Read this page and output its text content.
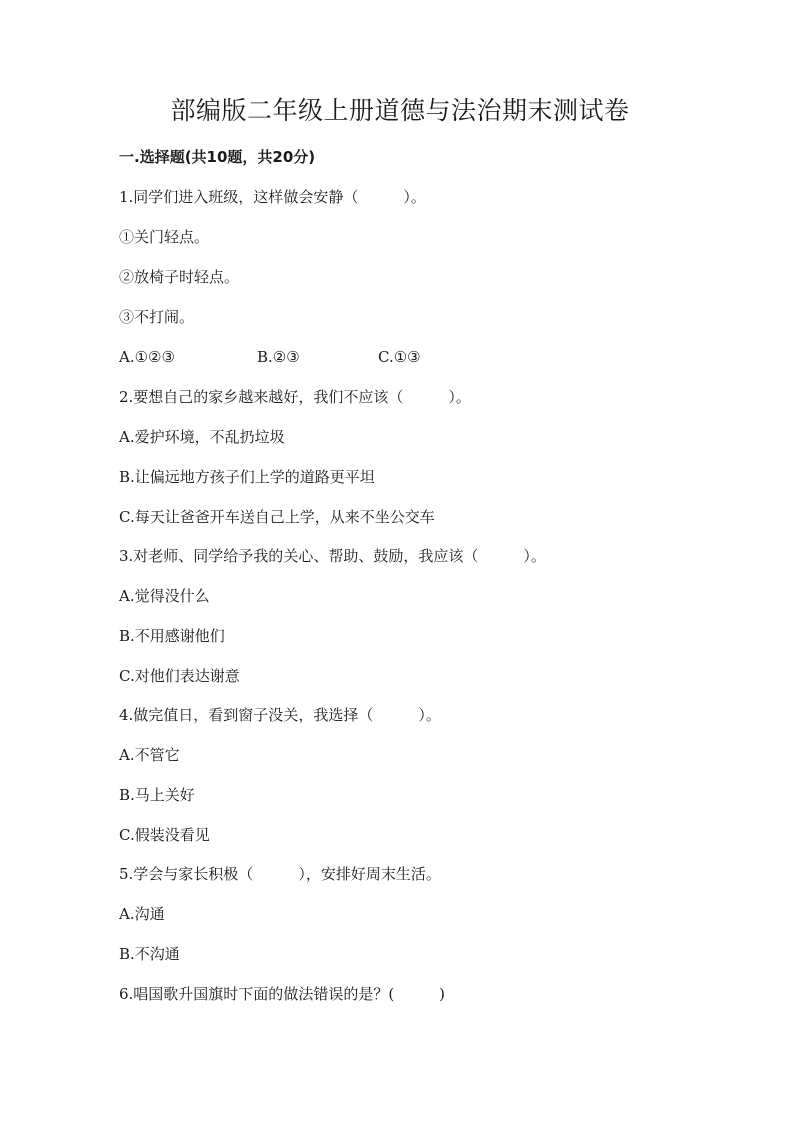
部编版二年级上册道德与法治期末测试卷
一.选择题(共10题，共20分)
1.同学们进入班级，这样做会安静（　　　）。
①关门轻点。
②放椅子时轻点。
③不打闹。
A.①②③	B.②③	C.①③
2.要想自己的家乡越来越好，我们不应该（　　　）。
A.爱护环境，不乱扔垃圾
B.让偏远地方孩子们上学的道路更平坦
C.每天让爸爸开车送自己上学，从来不坐公交车
3.对老师、同学给予我的关心、帮助、鼓励，我应该（　　　）。
A.觉得没什么
B.不用感谢他们
C.对他们表达谢意
4.做完值日，看到窗子没关，我选择（　　　）。
A.不管它
B.马上关好
C.假装没看见
5.学会与家长积极（　　　），安排好周末生活。
A.沟通
B.不沟通
6.唱国歌升国旗时下面的做法错误的是？(　　　)
